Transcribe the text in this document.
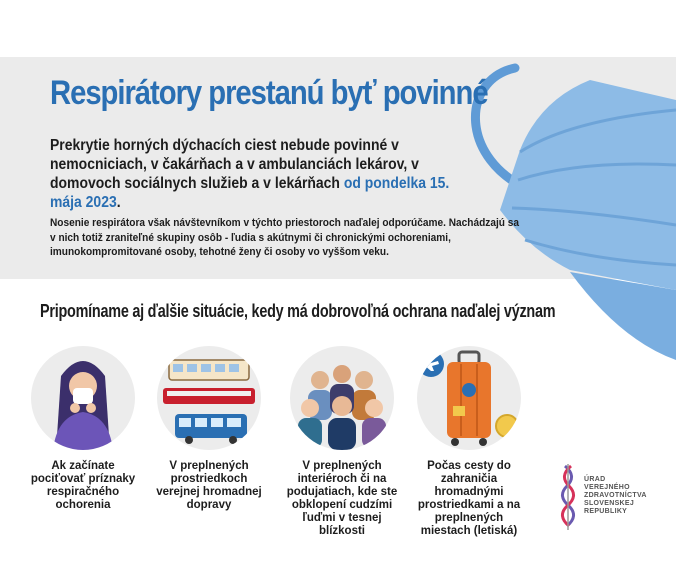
Respirátory prestanú byť povinné
Prekrytie horných dýchacích ciest nebude povinné v nemocniciach, v čakárňach a v ambulanciách lekárov, v domovoch sociálnych služieb a v lekárňach od pondelka 15. mája 2023.
Nosenie respirátora však návštevníkom v týchto priestoroch naďalej odporúčame. Nachádzajú sa v nich totiž zraniteľné skupiny osôb - ľudia s akútnymi či chronickými ochoreniami, imunokompromitované osoby, tehotné ženy či osoby vo vyššom veku.
Pripomíname aj ďalšie situácie, kedy má dobrovoľná ochrana naďalej význam
Ak začínate pociťovať príznaky respiračného ochorenia
V preplnených prostriedkoch verejnej hromadnej dopravy
V preplnených interiéroch či na podujatiach, kde ste obklopení cudzími ľuďmi v tesnej blízkosti
Počas cesty do zahraničia hromadnými prostriedkami a na preplnených miestach (letiská)
ÚRAD
VEREJNÉHO
ZDRAVOTNÍCTVA
SLOVENSKEJ
REPUBLIKY
